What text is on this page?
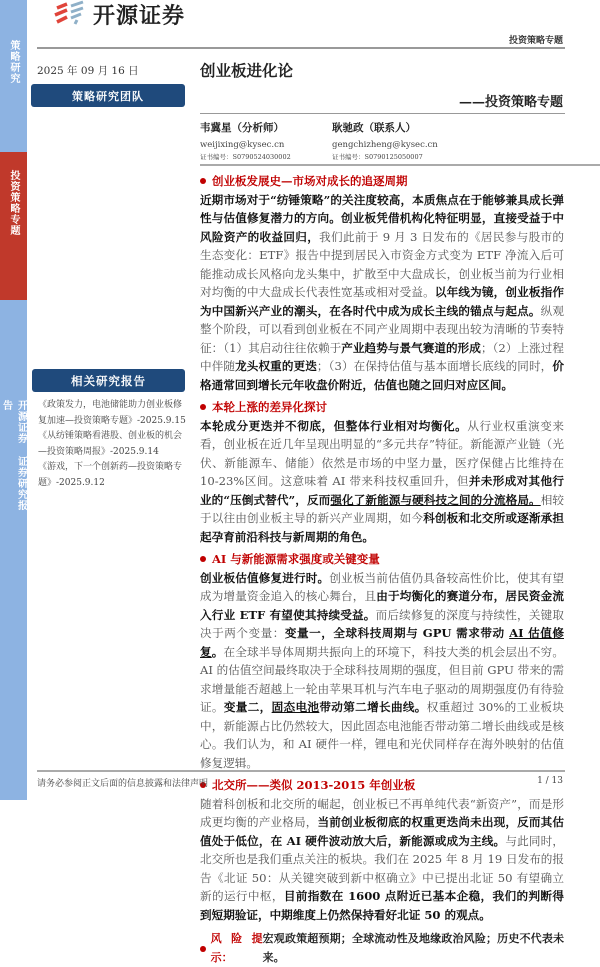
策略研究
投资策略专题
开源证券 证券研究报告
开源证券
投资策略专题
2025 年 09 月 16 日
策略研究团队
创业板进化论
——投资策略专题
韦冀星（分析师）
weijixing@kysec.cn
证书编号：S0790524030002
耿驰政（联系人）
gengchizheng@kysec.cn
证书编号：S0790125050007
相关研究报告
《政策发力，电池储能助力创业板修复加速—投资策略专题》-2025.9.15
《从纺锤策略看港股、创业板的机会—投资策略周报》-2025.9.14
《游戏，下一个创新药—投资策略专题》-2025.9.12
创业板发展史—市场对成长的追逐周期
近期市场对于“纺锤策略”的关注度较高，本质焦点在于能够兼具成长弹性与估值修复潜力的方向。创业板凭借机构化特征明显，直接受益于中风险资产的收益回归，我们此前于 9 月 3 日发布的《居民参与股市的生态变化：ETF》报告中提到居民入市资金方式变为 ETF 净流入后可能推动成长风格向龙头集中，扩散至中大盘成长，创业板当前为行业相对均衡的中大盘成长代表性宽基或相对受益。以年线为镜，创业板指作为中国新兴产业的潮头，在各时代中成为成长主线的锚点与起点。纵观整个阶段，可以看到创业板在不同产业周期中表现出较为清晰的节奏特征：（1）其启动往往依赖于产业趋势与景气赛道的形成；（2）上涨过程中伴随龙头权重的更迭；（3）在保持估值与基本面增长底线的同时，价格通常回到增长元年收盘价附近，估值也随之回归对应区间。
本轮上涨的差异化探讨
本轮成分更迭并不彻底，但整体行业相对均衡化。从行业权重演变来看，创业板在近几年呈现出明显的“多元共存”特征。新能源产业链（光伏、新能源车、储能）依然是市场的中坚力量，医疗保健占比维持在 10-23%区间。这意味着 AI 带来科技权重回升，但并未形成对其他行业的“压倒式替代”，反而强化了新能源与硬科技之间的分流格局。相较于以往由创业板主导的新兴产业周期，如今科创板和北交所或逐渐承担起孕育前沿科技与新周期的角色。
AI 与新能源需求强度或关键变量
创业板估值修复进行时。创业板当前估值仍具备较高性价比，使其有望成为增量资金追入的核心舞台，且由于均衡化的赛道分布，居民资金流入行业 ETF 有望使其持续受益。而后续修复的深度与持续性，关键取决于两个变量：变量一，全球科技周期与 GPU 需求带动 AI 估值修复。在全球半导体周期共振向上的环境下，科技大类的机会层出不穷。AI 的估值空间最终取决于全球科技周期的强度，但目前 GPU 带来的需求增量能否超越上一轮由苹果耳机与汽车电子驱动的周期强度仍有待验证。变量二，固态电池带动第二增长曲线。权重超过 30%的工业板块中，新能源占比仍然较大，因此固态电池能否带动第二增长曲线或是核心。我们认为，和 AI 硬件一样，锂电和光伏同样存在海外映射的估值修复逻辑。
北交所——类似 2013-2015 年创业板
随着科创板和北交所的崛起，创业板已不再单纯代表“新资产”，而是形成更均衡的产业格局，当前创业板彻底的权重更迭尚未出现，反而其估值处于低位，在 AI 硬件波动放大后，新能源或成为主线。与此同时，北交所也是我们重点关注的板块。我们在 2025 年 8 月 19 日发布的报告《北证 50：从关键突破到新中枢确立》中已提出北证 50 有望确立新的运行中枢，目前指数在 1600 点附近已基本企稳，我们的判断得到短期验证，中期维度上仍然保持看好北证 50 的观点。
风险提示：
宏观政策超预期；全球流动性及地缘政治风险；历史不代表未来。
请务必参阅正文后面的信息披露和法律声明	1 / 13
